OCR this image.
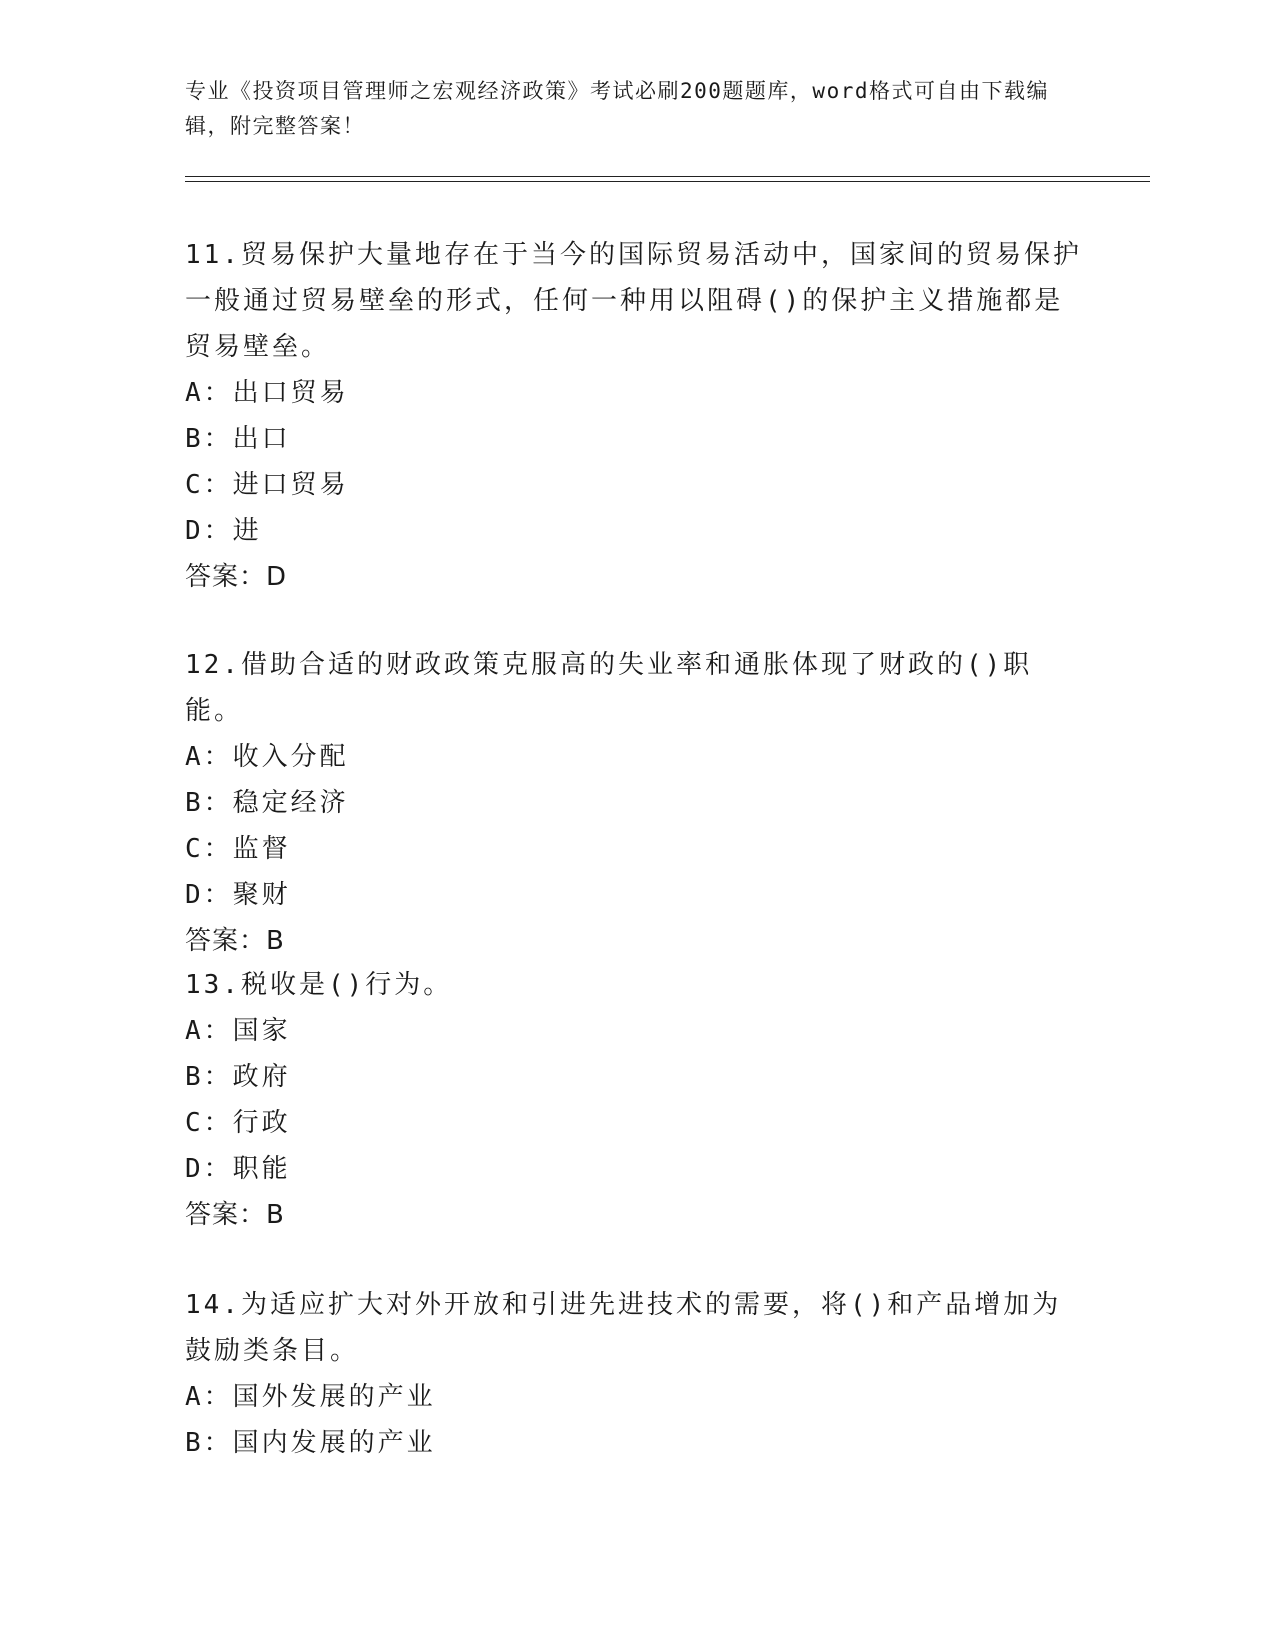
专业《投资项目管理师之宏观经济政策》考试必刷200题题库，word格式可自由下载编辑，附完整答案！

11.贸易保护大量地存在于当今的国际贸易活动中，国家间的贸易保护一般通过贸易壁垒的形式，任何一种用以阻碍()的保护主义措施都是贸易壁垒。

A：出口贸易
B：出口
C：进口贸易
D：进
答案：D

12.借助合适的财政政策克服高的失业率和通胀体现了财政的()职能。

A：收入分配
B：稳定经济
C：监督
D：聚财
答案：B

13.税收是()行为。

A：国家
B：政府
C：行政
D：职能
答案：B

14.为适应扩大对外开放和引进先进技术的需要，将()和产品增加为鼓励类条目。

A：国外发展的产业
B：国内发展的产业
